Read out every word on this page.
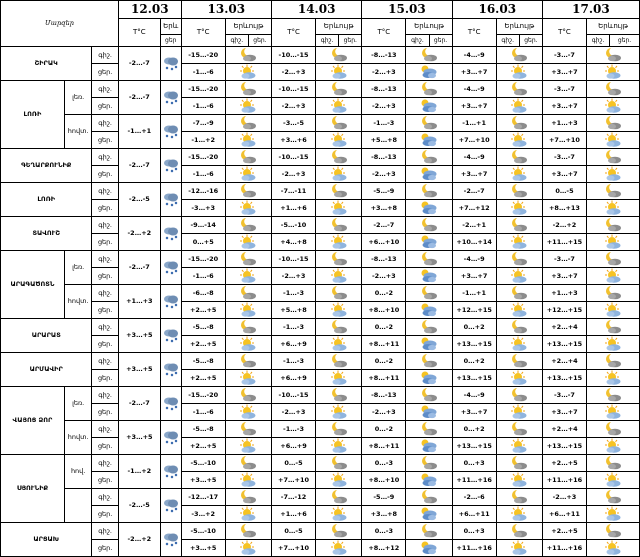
Մարզեր			12.03		13.03			14.03			15.03			16.03			17.03		
			T°C	Երև	T°C	Երևույթ		T°C	Երևույթ		T°C	Երևույթ		T°C	Երևույթ		T°C	Երևույթ	
				ցեր		գիշ.	ցեր.		գիշ.	ցեր.		գիշ.	ցեր.		գիշ.	ցեր.		գիշ.	ցեր.
ՇԻՐԱԿ		գիշ.	-2…-7		-15…-20			-10…-15			-8…-13			-4…-9			-3…-7	

		ցեր.			-1…-6			-2…+3			-2…+3			+3…+7			+3…+7	

ԼՈՌԻ	լեռ.	գիշ.	-2…-7		-15…-20			-10…-15			-8…-13			-4…-9			-3…-7	

		ցեր.			-1…-6			-2…+3			-2…+3			+3…+7			+3…+7	

	հովտ.	գիշ.	-1…+1		-7…-9			-3…-5			-1…-3			-1…+1			+1…+3	

		ցեր.			-1…+2			+3…+6			+5…+8			+7…+10			+7…+10	

ԳԵՂԱՐՔՈՒՆԻՔ		գիշ.	-2…-7		-15…-20			-10…-15			-8…-13			-4…-9			-3…-7	

		ցեր.			-1…-6			-2…+3			-2…+3			+3…+7			+3…+7	

ԼՈՌԻ		գիշ.	-2…-5		-12…-16			-7…-11			-5…-9			-2…-7			0…-5	

		ցեր.			-3…+3			+1…+6			+3…+8			+7…+12			+8…+13	

ՏԱՎՈՒՇ		գիշ.	-2…+2		-9…-14			-5…-10			-2…-7			-2…+1			-2…+2	

		ցեր.			0…+5			+4…+8			+6…+10			+10…+14			+11…+15	

ԱՐԱԳԱԾՈՏՆ	լեռ.	գիշ.	-2…-7		-15…-20			-10…-15			-8…-13			-4…-9			-3…-7	

		ցեր.			-1…-6			-2…+3			-2…+3			+3…+7			+3…+7	

	հովտ.	գիշ.	+1…+3		-6…-8			-1…-3			0…-2			-1…+1			+1…+3	

		ցեր.			+2…+5			+5…+8			+8…+10			+12…+15			+12…+15	

ԱՐԱՐԱՏ		գիշ.	+3…+5		-5…-8			-1…-3			0…-2			0…+2			+2…+4	

		ցեր.			+2…+5			+6…+9			+8…+11			+13…+15			+13…+15	

ԱՐՄԱՎԻՐ		գիշ.	+3…+5		-5…-8			-1…-3			0…-2			0…+2			+2…+4	

		ցեր.			+2…+5			+6…+9			+8…+11			+13…+15			+13…+15	

ՎԱՅՈՑ ՁՈՐ	լեռ.	գիշ.	-2…-7		-15…-20			-10…-15			-8…-13			-4…-9			-3…-7	

		ցեր.			-1…-6			-2…+3			-2…+3			+3…+7			+3…+7	

	հովտ.	գիշ.	+3…+5		-5…-8			-1…-3			0…-2			0…+2			+2…+4	

		ցեր.			+2…+5			+6…+9			+8…+11			+13…+15			+13…+15	

ՍՅՈՒՆԻՔ	հով.	գիշ.	-1…+2		-5…-10			0…-5			0…-3			0…+3			+2…+5	

		ցեր.			+3…+5			+7…+10			+8…+10			+11…+16			+11…+16	

		գիշ.	-2…-5		-12…-17			-7…-12			-5…-9			-2…-6			-2…+3	

		ցեր.			-3…+2			+1…+6			+3…+8			+6…+11			+6…+11	

ԱՐՑԱԽ		գիշ.	-2…+2		-5…-10			0…-5			0…-3			0…+3			+2…+5	

		ցեր.			+3…+5			+7…+10			+8…+12			+11…+16			+11…+16	
